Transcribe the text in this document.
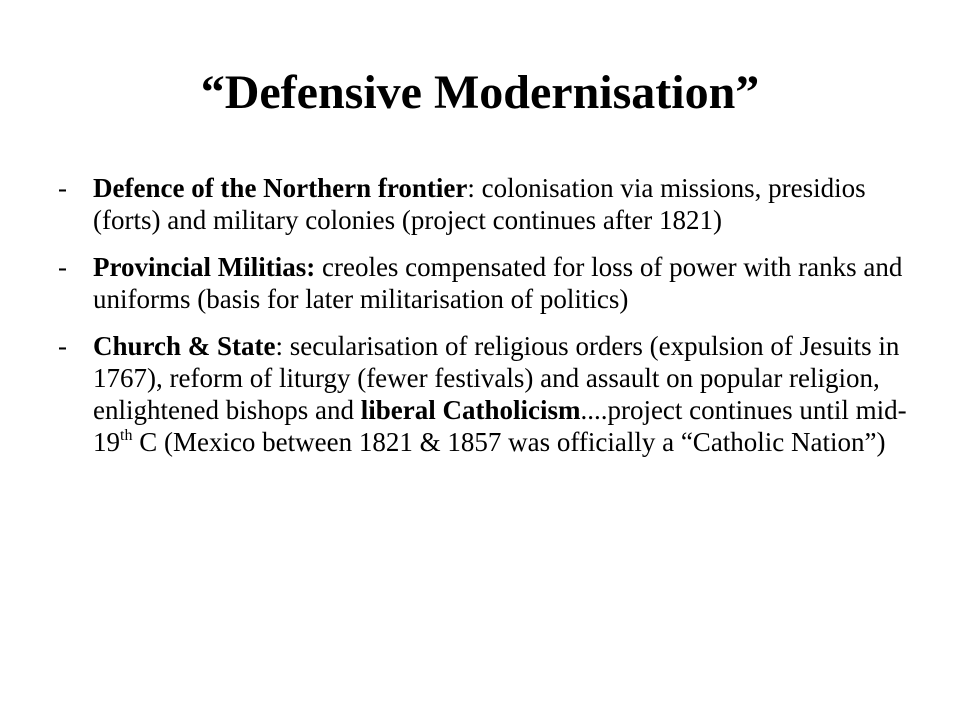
“Defensive Modernisation”
- Defence of the Northern frontier: colonisation via missions, presidios (forts) and military colonies (project continues after 1821)
- Provincial Militias: creoles compensated for loss of power with ranks and uniforms (basis for later militarisation of politics)
- Church & State: secularisation of religious orders (expulsion of Jesuits in 1767), reform of liturgy (fewer festivals) and assault on popular religion, enlightened bishops and liberal Catholicism....project continues until mid-19th C (Mexico between 1821 & 1857 was officially a “Catholic Nation”)
